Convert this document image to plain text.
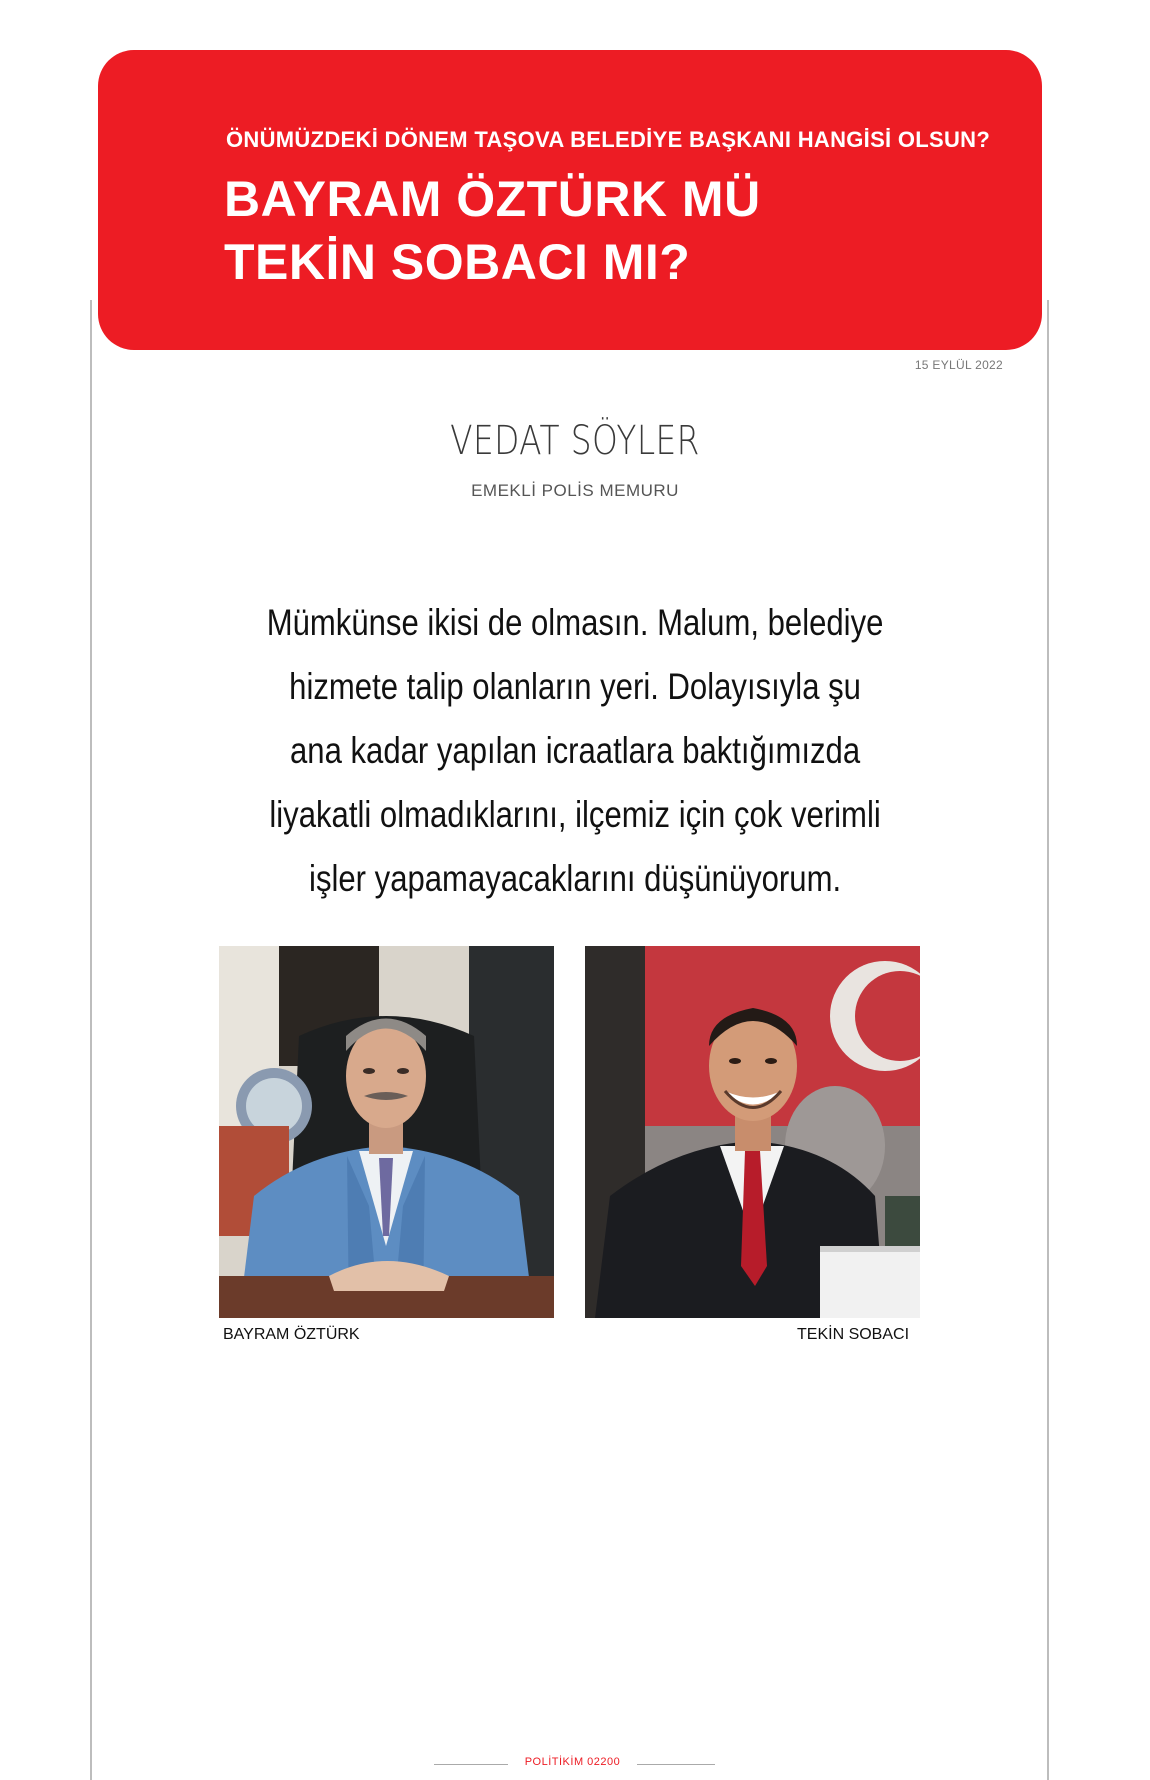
ÖNÜMÜZDEKİ DÖNEM TAŞOVA BELEDİYE BAŞKANI HANGİSİ OLSUN?
BAYRAM ÖZTÜRK MÜ
TEKİN SOBACI MI?
15 EYLÜL 2022
VEDAT SÖYLER
EMEKLİ POLİS MEMURU
Mümkünse ikisi de olmasın. Malum, belediye
hizmete talip olanların yeri. Dolayısıyla şu
ana kadar yapılan icraatlara baktığımızda
liyakatli olmadıklarını, ilçemiz için çok verimli
işler yapamayacaklarını düşünüyorum.
BAYRAM ÖZTÜRK	TEKİN SOBACI
POLİTİKİM 02200
